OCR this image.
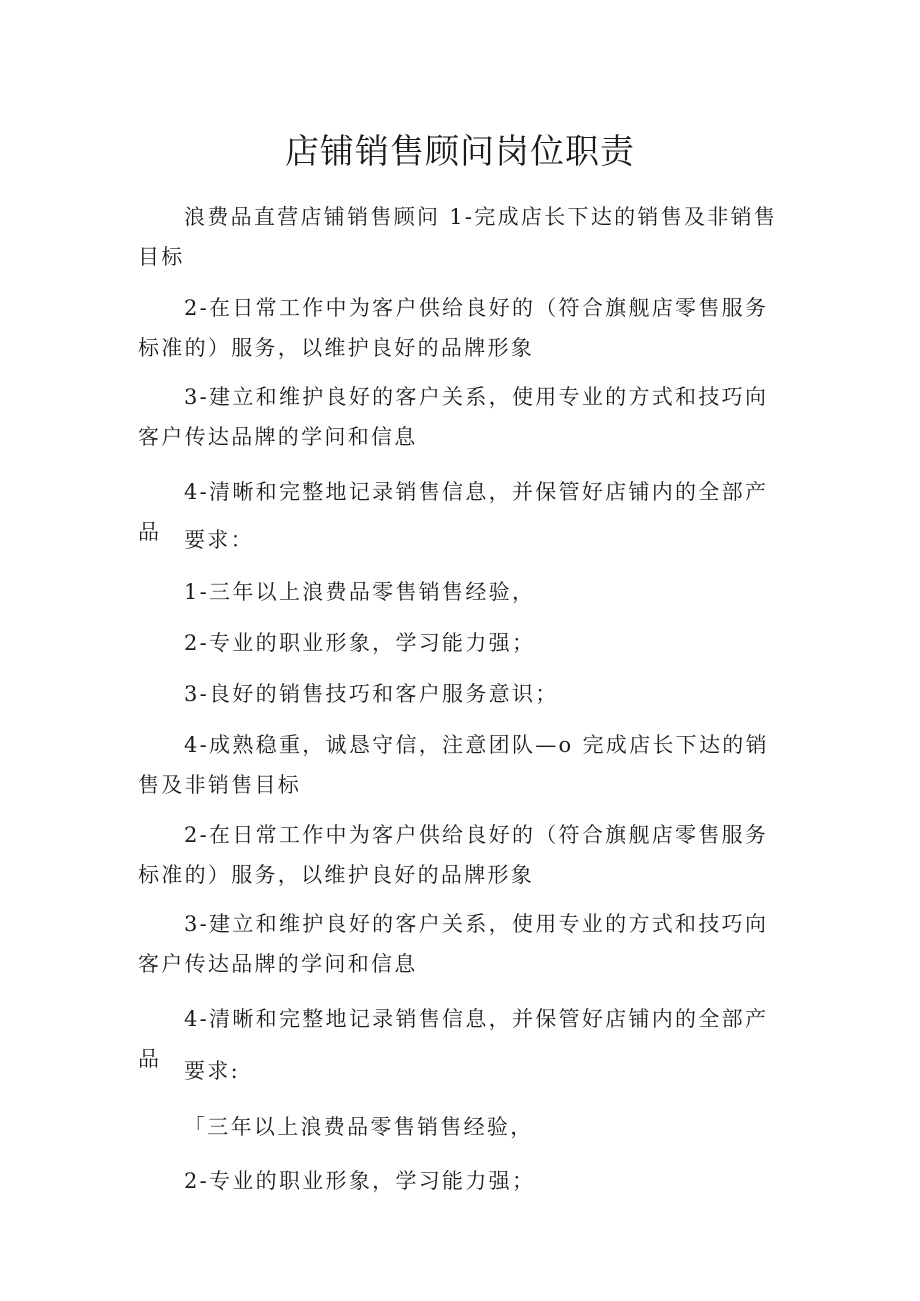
店铺销售顾问岗位职责

浪费品直营店铺销售顾问 1-完成店长下达的销售及非销售目标

2-在日常工作中为客户供给良好的（符合旗舰店零售服务标准的）服务，以维护良好的品牌形象

3-建立和维护良好的客户关系，使用专业的方式和技巧向客户传达品牌的学问和信息

4-清晰和完整地记录销售信息，并保管好店铺内的全部产品	要求：

1-三年以上浪费品零售销售经验，

2-专业的职业形象，学习能力强；

3-良好的销售技巧和客户服务意识；

4-成熟稳重，诚恳守信，注意团队—o 完成店长下达的销售及非销售目标

2-在日常工作中为客户供给良好的（符合旗舰店零售服务标准的）服务，以维护良好的品牌形象

3-建立和维护良好的客户关系，使用专业的方式和技巧向客户传达品牌的学问和信息

4-清晰和完整地记录销售信息，并保管好店铺内的全部产品	要求:

「三年以上浪费品零售销售经验，

2-专业的职业形象，学习能力强；
